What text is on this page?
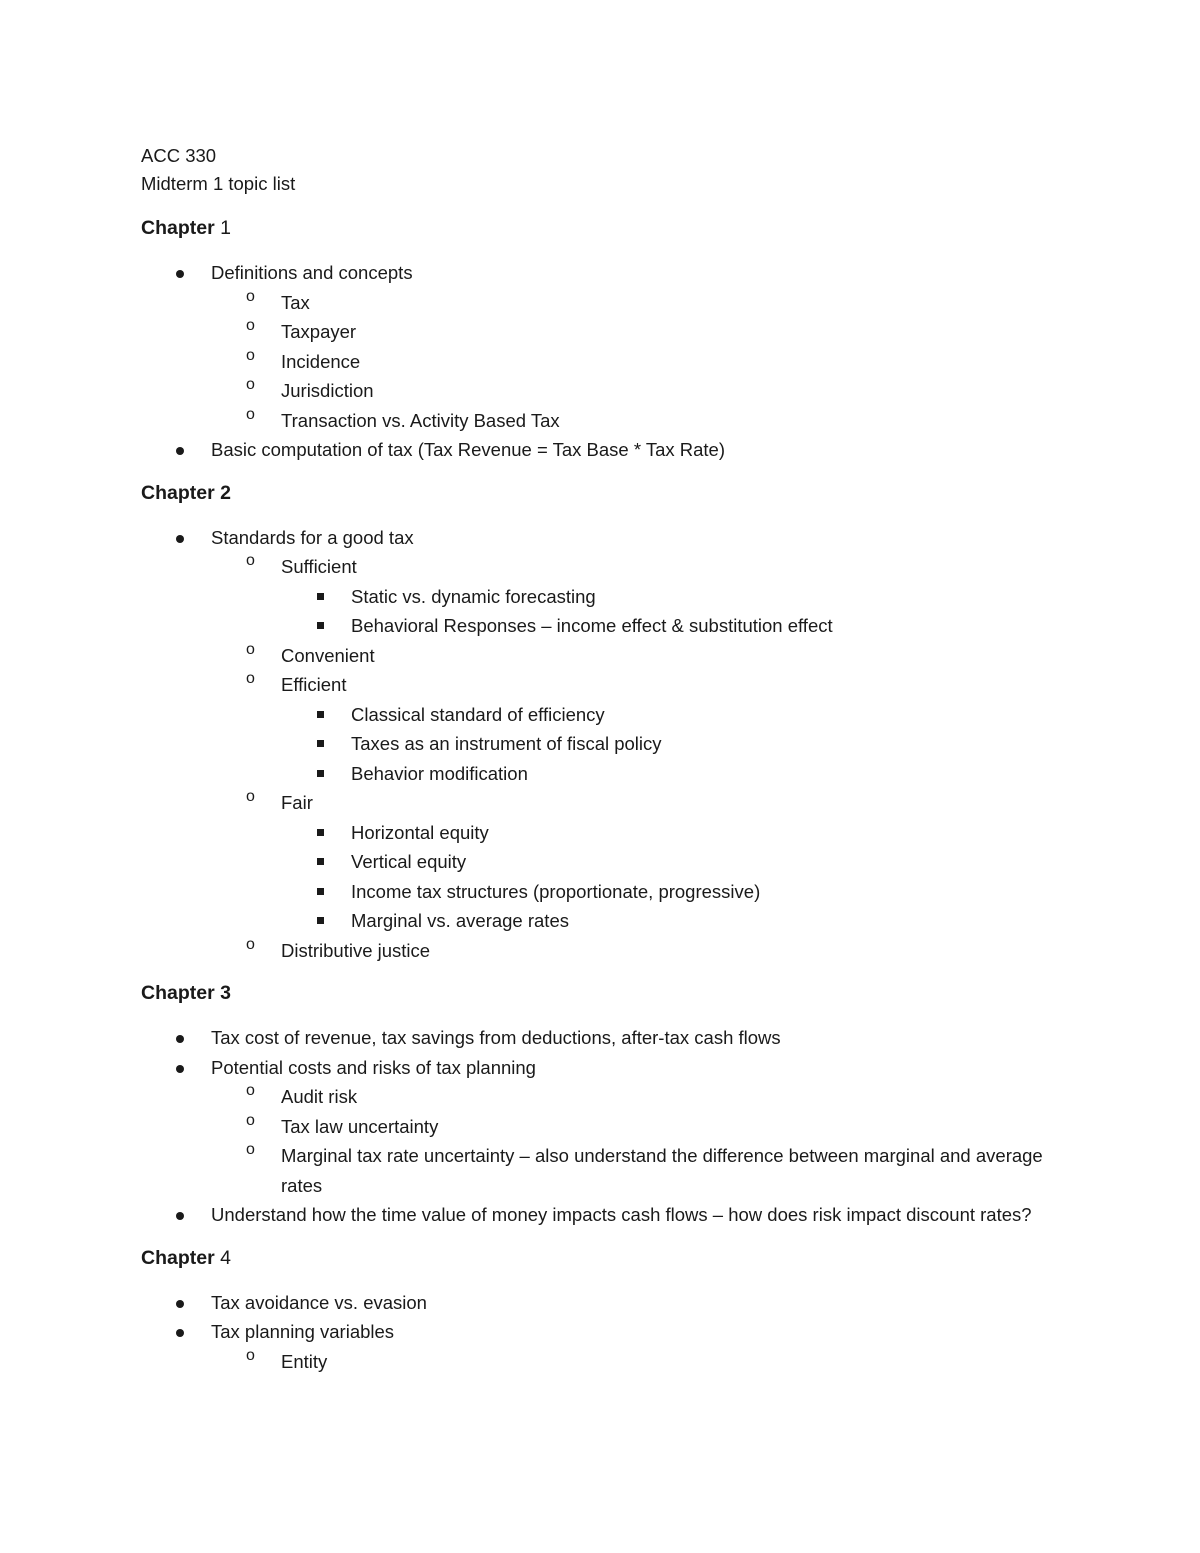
ACC 330
Midterm 1 topic list
Chapter 1
Definitions and concepts
o Tax
o Taxpayer
o Incidence
o Jurisdiction
o Transaction vs. Activity Based Tax
Basic computation of tax (Tax Revenue = Tax Base * Tax Rate)
Chapter 2
Standards for a good tax
o Sufficient
Static vs. dynamic forecasting
Behavioral Responses – income effect & substitution effect
o Convenient
o Efficient
Classical standard of efficiency
Taxes as an instrument of fiscal policy
Behavior modification
o Fair
Horizontal equity
Vertical equity
Income tax structures (proportionate, progressive)
Marginal vs. average rates
o Distributive justice
Chapter 3
Tax cost of revenue, tax savings from deductions, after-tax cash flows
Potential costs and risks of tax planning
o Audit risk
o Tax law uncertainty
o Marginal tax rate uncertainty – also understand the difference between marginal and average rates
Understand how the time value of money impacts cash flows – how does risk impact discount rates?
Chapter 4
Tax avoidance vs. evasion
Tax planning variables
o Entity
